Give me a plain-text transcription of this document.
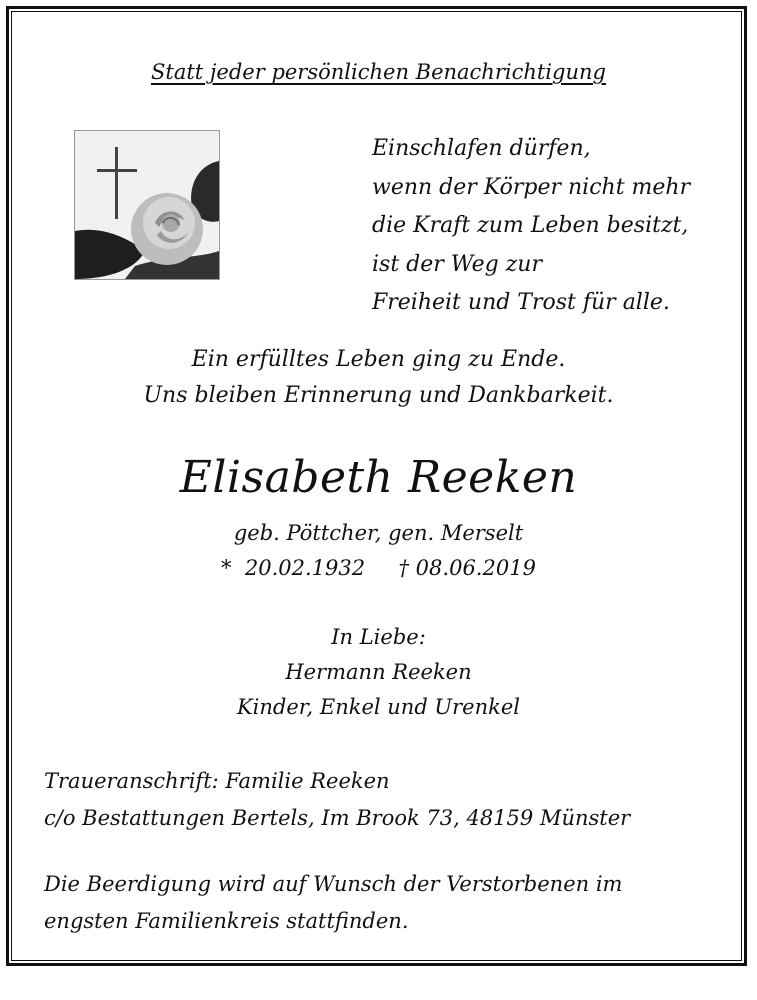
Statt jeder persönlichen Benachrichtigung
Einschlafen dürfen,
wenn der Körper nicht mehr
die Kraft zum Leben besitzt,
ist der Weg zur
Freiheit und Trost für alle.
Ein erfülltes Leben ging zu Ende.
Uns bleiben Erinnerung und Dankbarkeit.
Elisabeth Reeken
geb. Pöttcher, gen. Merselt
*  20.02.1932     † 08.06.2019
In Liebe:
Hermann Reeken
Kinder, Enkel und Urenkel
Traueranschrift: Familie Reeken
c/o Bestattungen Bertels, Im Brook 73, 48159 Münster
Die Beerdigung wird auf Wunsch der Verstorbenen im
engsten Familienkreis stattfinden.
